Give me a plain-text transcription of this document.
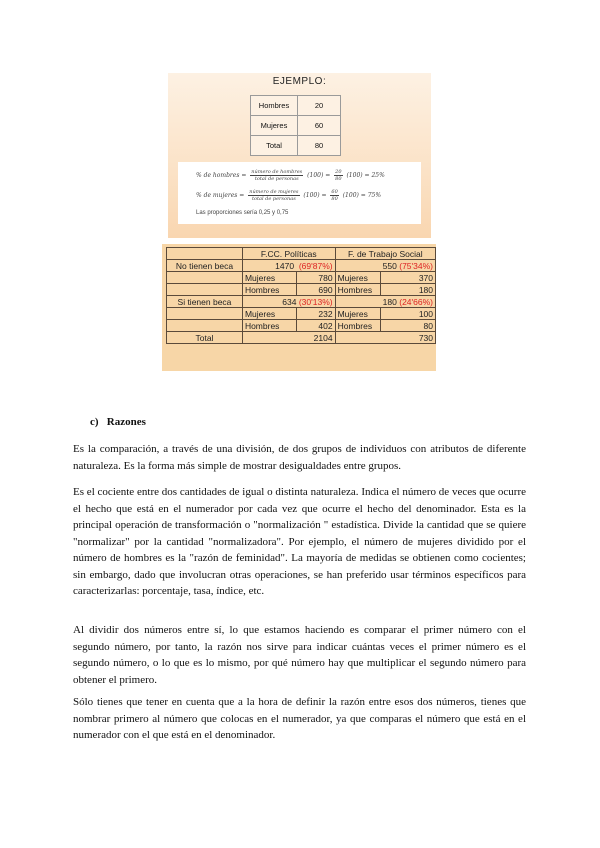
EJEMPLO:
Hombres	20
Mujeres	60
Total	80
% de hombres = $\frac{\text{número de hombres}}{\text{total de personas}} (100) = \frac{20}{80} (100) = 25\%$
% de mujeres = $\frac{\text{número de mujeres}}{\text{total de personas}} (100) = \frac{60}{80} (100) = 75\%$
Las proporciones sería 0,25 y 0,75
	F.CC. Políticas		F. de Trabajo Social	
No tienen beca	1470 (69'87%)		550 (75'34%)	
	Mujeres	780	Mujeres	370
	Hombres	690	Hombres	180
Si tienen beca	634 (30'13%)		180 (24'66%)	
	Mujeres	232	Mujeres	100
	Hombres	402	Hombres	80
Total	2104		730	
c)   Razones

Es la comparación, a través de una división, de dos grupos de individuos con atributos de diferente naturaleza. Es la forma más simple de mostrar desigualdades entre grupos.

Es el cociente entre dos cantidades de igual o distinta naturaleza. Indica el número de veces que ocurre el hecho que está en el numerador por cada vez que ocurre el hecho del denominador. Esta es la principal operación de transformación o "normalización " estadística. Divide la cantidad que se quiere "normalizar" por la cantidad "normalizadora". Por ejemplo, el número de mujeres dividido por el número de hombres es la "razón de feminidad". La mayoría de medidas se obtienen como cocientes; sin embargo, dado que involucran otras operaciones, se han preferido usar términos específicos para caracterizarlas: porcentaje, tasa, índice, etc.

Al dividir dos números entre sí, lo que estamos haciendo es comparar el primer número con el segundo número, por tanto, la razón nos sirve para indicar cuántas veces el primer número es el segundo número, o lo que es lo mismo, por qué número hay que multiplicar el segundo número para obtener el primero.

Sólo tienes que tener en cuenta que a la hora de definir la razón entre esos dos números, tienes que nombrar primero al número que colocas en el numerador, ya que comparas el número que está en el numerador con el que está en el denominador.
